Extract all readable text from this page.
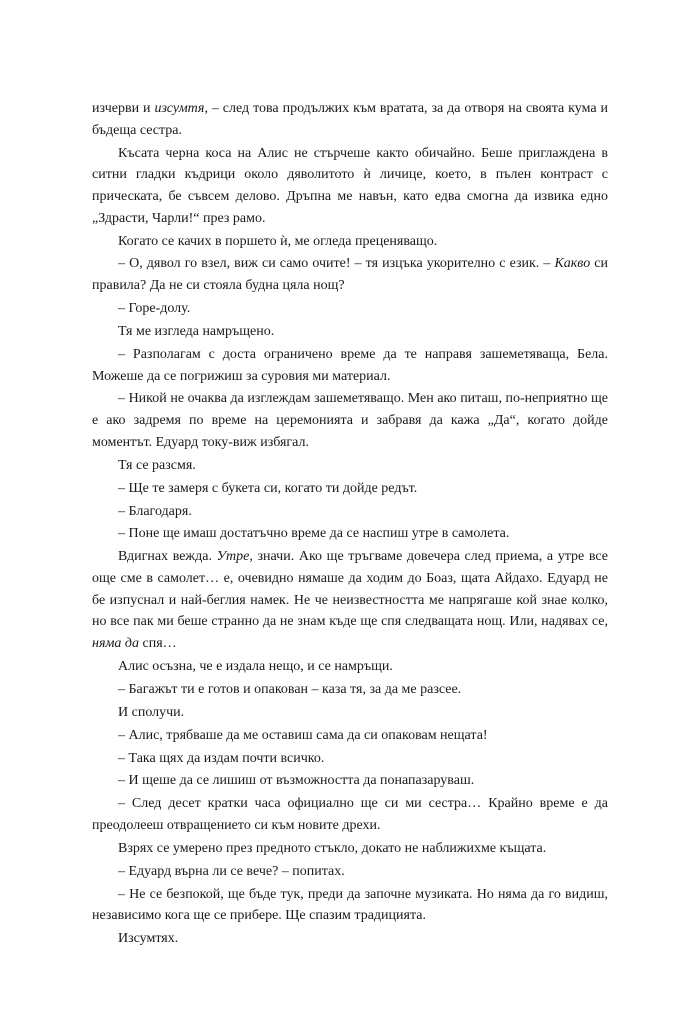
изчерви и изсумтя, – след това продължих към вратата, за да отворя на своята кума и бъдеща сестра.

Късата черна коса на Алис не стърчеше както обичайно. Беше приглаждена в ситни гладки къдрици около дяволитото ѝ личице, което, в пълен контраст с прическата, бе съвсем делово. Дръпна ме навън, като едва смогна да извика едно „Здрасти, Чарли!“ през рамо.

Когато се качих в поршето ѝ, ме огледа преценяващо.

– О, дявол го взел, виж си само очите! – тя изцъка укорително с език. – Какво си правила? Да не си стояла будна цяла нощ?

– Горе-долу.

Тя ме изгледа намръщено.

– Разполагам с доста ограничено време да те направя зашеметяваща, Бела. Можеше да се погрижиш за суровия ми материал.

– Никой не очаква да изглеждам зашеметяващо. Мен ако питаш, по-неприятно ще е ако задремя по време на церемонията и забравя да кажа „Да“, когато дойде моментът. Едуард току-виж избягал.

Тя се разсмя.

– Ще те замеря с букета си, когато ти дойде редът.

– Благодаря.

– Поне ще имаш достатъчно време да се наспиш утре в самолета.

Вдигнах вежда. Утре, значи. Ако ще тръгваме довечера след приема, а утре все още сме в самолет… е, очевидно нямаше да ходим до Боаз, щата Айдахо. Едуард не бе изпуснал и най-беглия намек. Не че неизвестността ме напрягаше кой знае колко, но все пак ми беше странно да не знам къде ще спя следващата нощ. Или, надявах се, няма да спя…

Алис осъзна, че е издала нещо, и се намръщи.

– Багажът ти е готов и опакован – каза тя, за да ме разсее.

И сполучи.

– Алис, трябваше да ме оставиш сама да си опаковам нещата!

– Така щях да издам почти всичко.

– И щеше да се лишиш от възможността да понапазаруваш.

– След десет кратки часа официално ще си ми сестра… Крайно време е да преодолееш отвращението си към новите дрехи.

Взрях се умерено през предното стъкло, докато не наближихме къщата.

– Едуард върна ли се вече? – попитах.

– Не се безпокой, ще бъде тук, преди да започне музиката. Но няма да го видиш, независимо кога ще се прибере. Ще спазим традицията.

Изсумтях.
